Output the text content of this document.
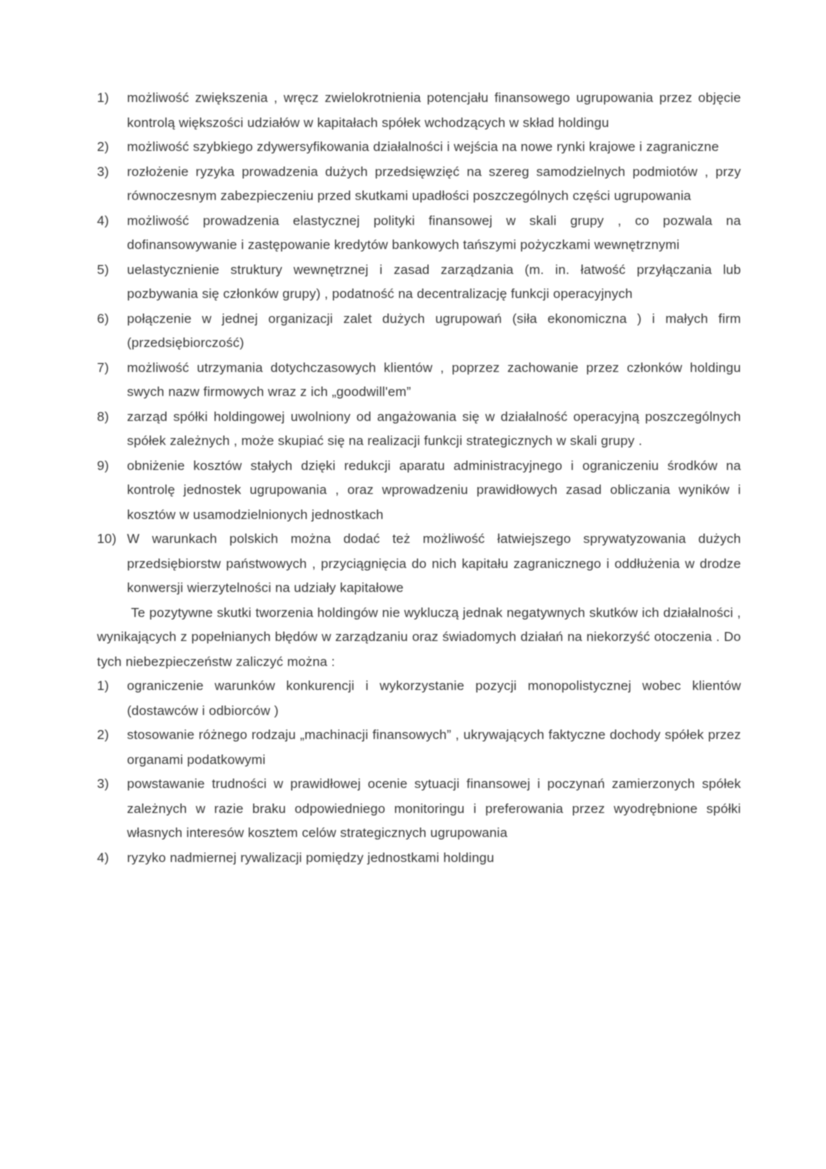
1)	możliwość zwiększenia , wręcz zwielokrotnienia potencjału finansowego ugrupowania przez objęcie kontrolą większości udziałów w kapitałach spółek wchodzących w skład holdingu
2)	możliwość szybkiego zdywersyfikowania działalności i wejścia na nowe rynki krajowe i zagraniczne
3)	rozłożenie ryzyka prowadzenia dużych przedsięwzięć na szereg samodzielnych podmiotów , przy równoczesnym zabezpieczeniu przed skutkami upadłości poszczególnych części ugrupowania
4)	możliwość prowadzenia elastycznej polityki finansowej w skali grupy , co pozwala na dofinansowywanie i zastępowanie kredytów bankowych tańszymi pożyczkami wewnętrznymi
5)	uelastycznienie struktury wewnętrznej i zasad zarządzania (m. in. łatwość przyłączania lub pozbywania się członków grupy) , podatność na decentralizację funkcji operacyjnych
6)	połączenie w jednej organizacji zalet dużych ugrupowań (siła ekonomiczna ) i małych firm (przedsiębiorczość)
7)	możliwość utrzymania dotychczasowych klientów , poprzez zachowanie przez członków holdingu swych nazw firmowych wraz z ich „goodwill'em”
8)	zarząd spółki holdingowej uwolniony od angażowania się w działalność operacyjną poszczególnych spółek zależnych , może skupiać się na realizacji funkcji strategicznych w skali grupy .
9)	obniżenie kosztów stałych dzięki redukcji aparatu administracyjnego i ograniczeniu środków na kontrolę jednostek ugrupowania , oraz wprowadzeniu prawidłowych zasad obliczania wyników i kosztów w usamodzielnionych jednostkach
10) W warunkach polskich można dodać też możliwość łatwiejszego sprywatyzowania dużych przedsiębiorstw państwowych , przyciągnięcia do nich kapitału zagranicznego i oddłużenia w drodze konwersji wierzytelności na udziały kapitałowe

Te pozytywne skutki tworzenia holdingów nie wykluczą jednak negatywnych skutków ich działalności , wynikających z popełnianych błędów w zarządzaniu oraz świadomych działań na niekorzyść otoczenia . Do tych niebezpieczeństw zaliczyć można :

1)	ograniczenie warunków konkurencji i wykorzystanie pozycji monopolistycznej wobec klientów (dostawców i odbiorców )
2)	stosowanie różnego rodzaju „machinacji finansowych” , ukrywających faktyczne dochody spółek przez organami podatkowymi
3)	powstawanie trudności w prawidłowej ocenie sytuacji finansowej i poczynań zamierzonych spółek zależnych w razie braku odpowiedniego monitoringu i preferowania przez wyodrębnione spółki własnych interesów kosztem celów strategicznych ugrupowania
4)	ryzyko nadmiernej rywalizacji pomiędzy jednostkami holdingu
